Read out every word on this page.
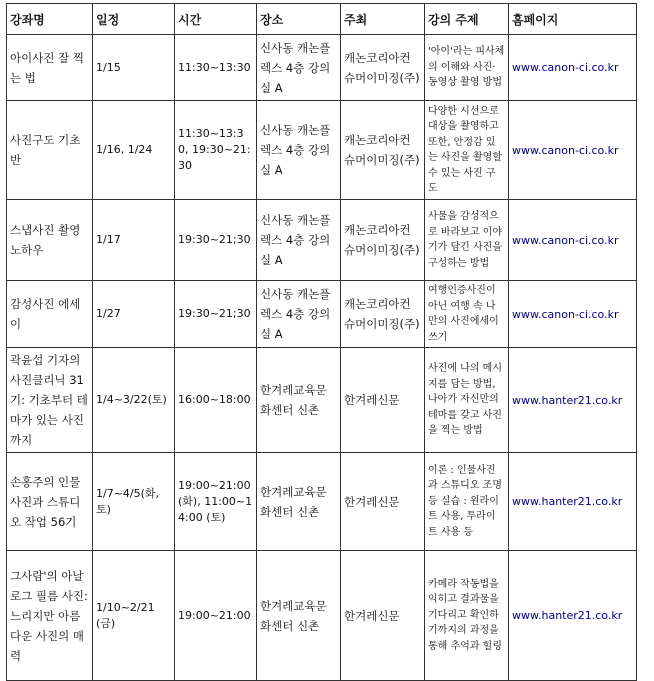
강좌명	일정	시간	장소	주최	강의 주제	홈페이지
아이사진 잘 찍는 법	1/15	11:30~13:30	신사동 캐논플렉스 4층 강의실 A	캐논코리아컨슈머이미징(주)	'아이'라는 피사체의 이해와 사진·동영상 촬영 방법	www.canon-ci.co.kr
사진구도 기초반	1/16, 1/24	11:30~13:30, 19:30~21:30	신사동 캐논플렉스 4층 강의실 A	캐논코리아컨슈머이미징(주)	다양한 시선으로 대상을 촬영하고 또한, 안정감 있는 사진을 촬영할 수 있는 사진 구도	www.canon-ci.co.kr
스냅사진 촬영노하우	1/17	19:30~21;30	신사동 캐논플렉스 4층 강의실 A	캐논코리아컨슈머이미징(주)	사물을 감성적으로 바라보고 이야기가 담긴 사진을 구성하는 방법	www.canon-ci.co.kr
감성사진 에세이	1/27	19:30~21;30	신사동 캐논플렉스 4층 강의실 A	캐논코리아컨슈머이미징(주)	여행인증사진이 아닌 여행 속 나만의 사진에세이 쓰기	www.canon-ci.co.kr
곽윤섭 기자의 사진클리닉 31기: 기초부터 테마가 있는 사진까지	1/4~3/22(토)	16:00~18:00	한겨레교육문화센터 신촌	한겨레신문	사진에 나의 메시지를 담는 방법, 나아가 자신만의 테마를 갖고 사진을 찍는 방법	www.hanter21.co.kr
손홍주의 인물사진과 스튜디오 작업 56기	1/7~4/5(화, 토)	19:00~21:00 (화), 11:00~14:00 (토)	한겨레교육문화센터 신촌	한겨레신문	이론 : 인물사진과 스튜디오 조명 등 실습 : 윈라이트 사용, 투라이트 사용 등	www.hanter21.co.kr
그사람'의 아날로그 필름 사진: 느리지만 아름다운 사진의 매력	1/10~2/21(금)	19:00~21:00	한겨레교육문화센터 신촌	한겨레신문	카메라 작동법을 익히고 결과물을 기다리고 확인하기까지의 과정을 통해 추억과 힐링	www.hanter21.co.kr
